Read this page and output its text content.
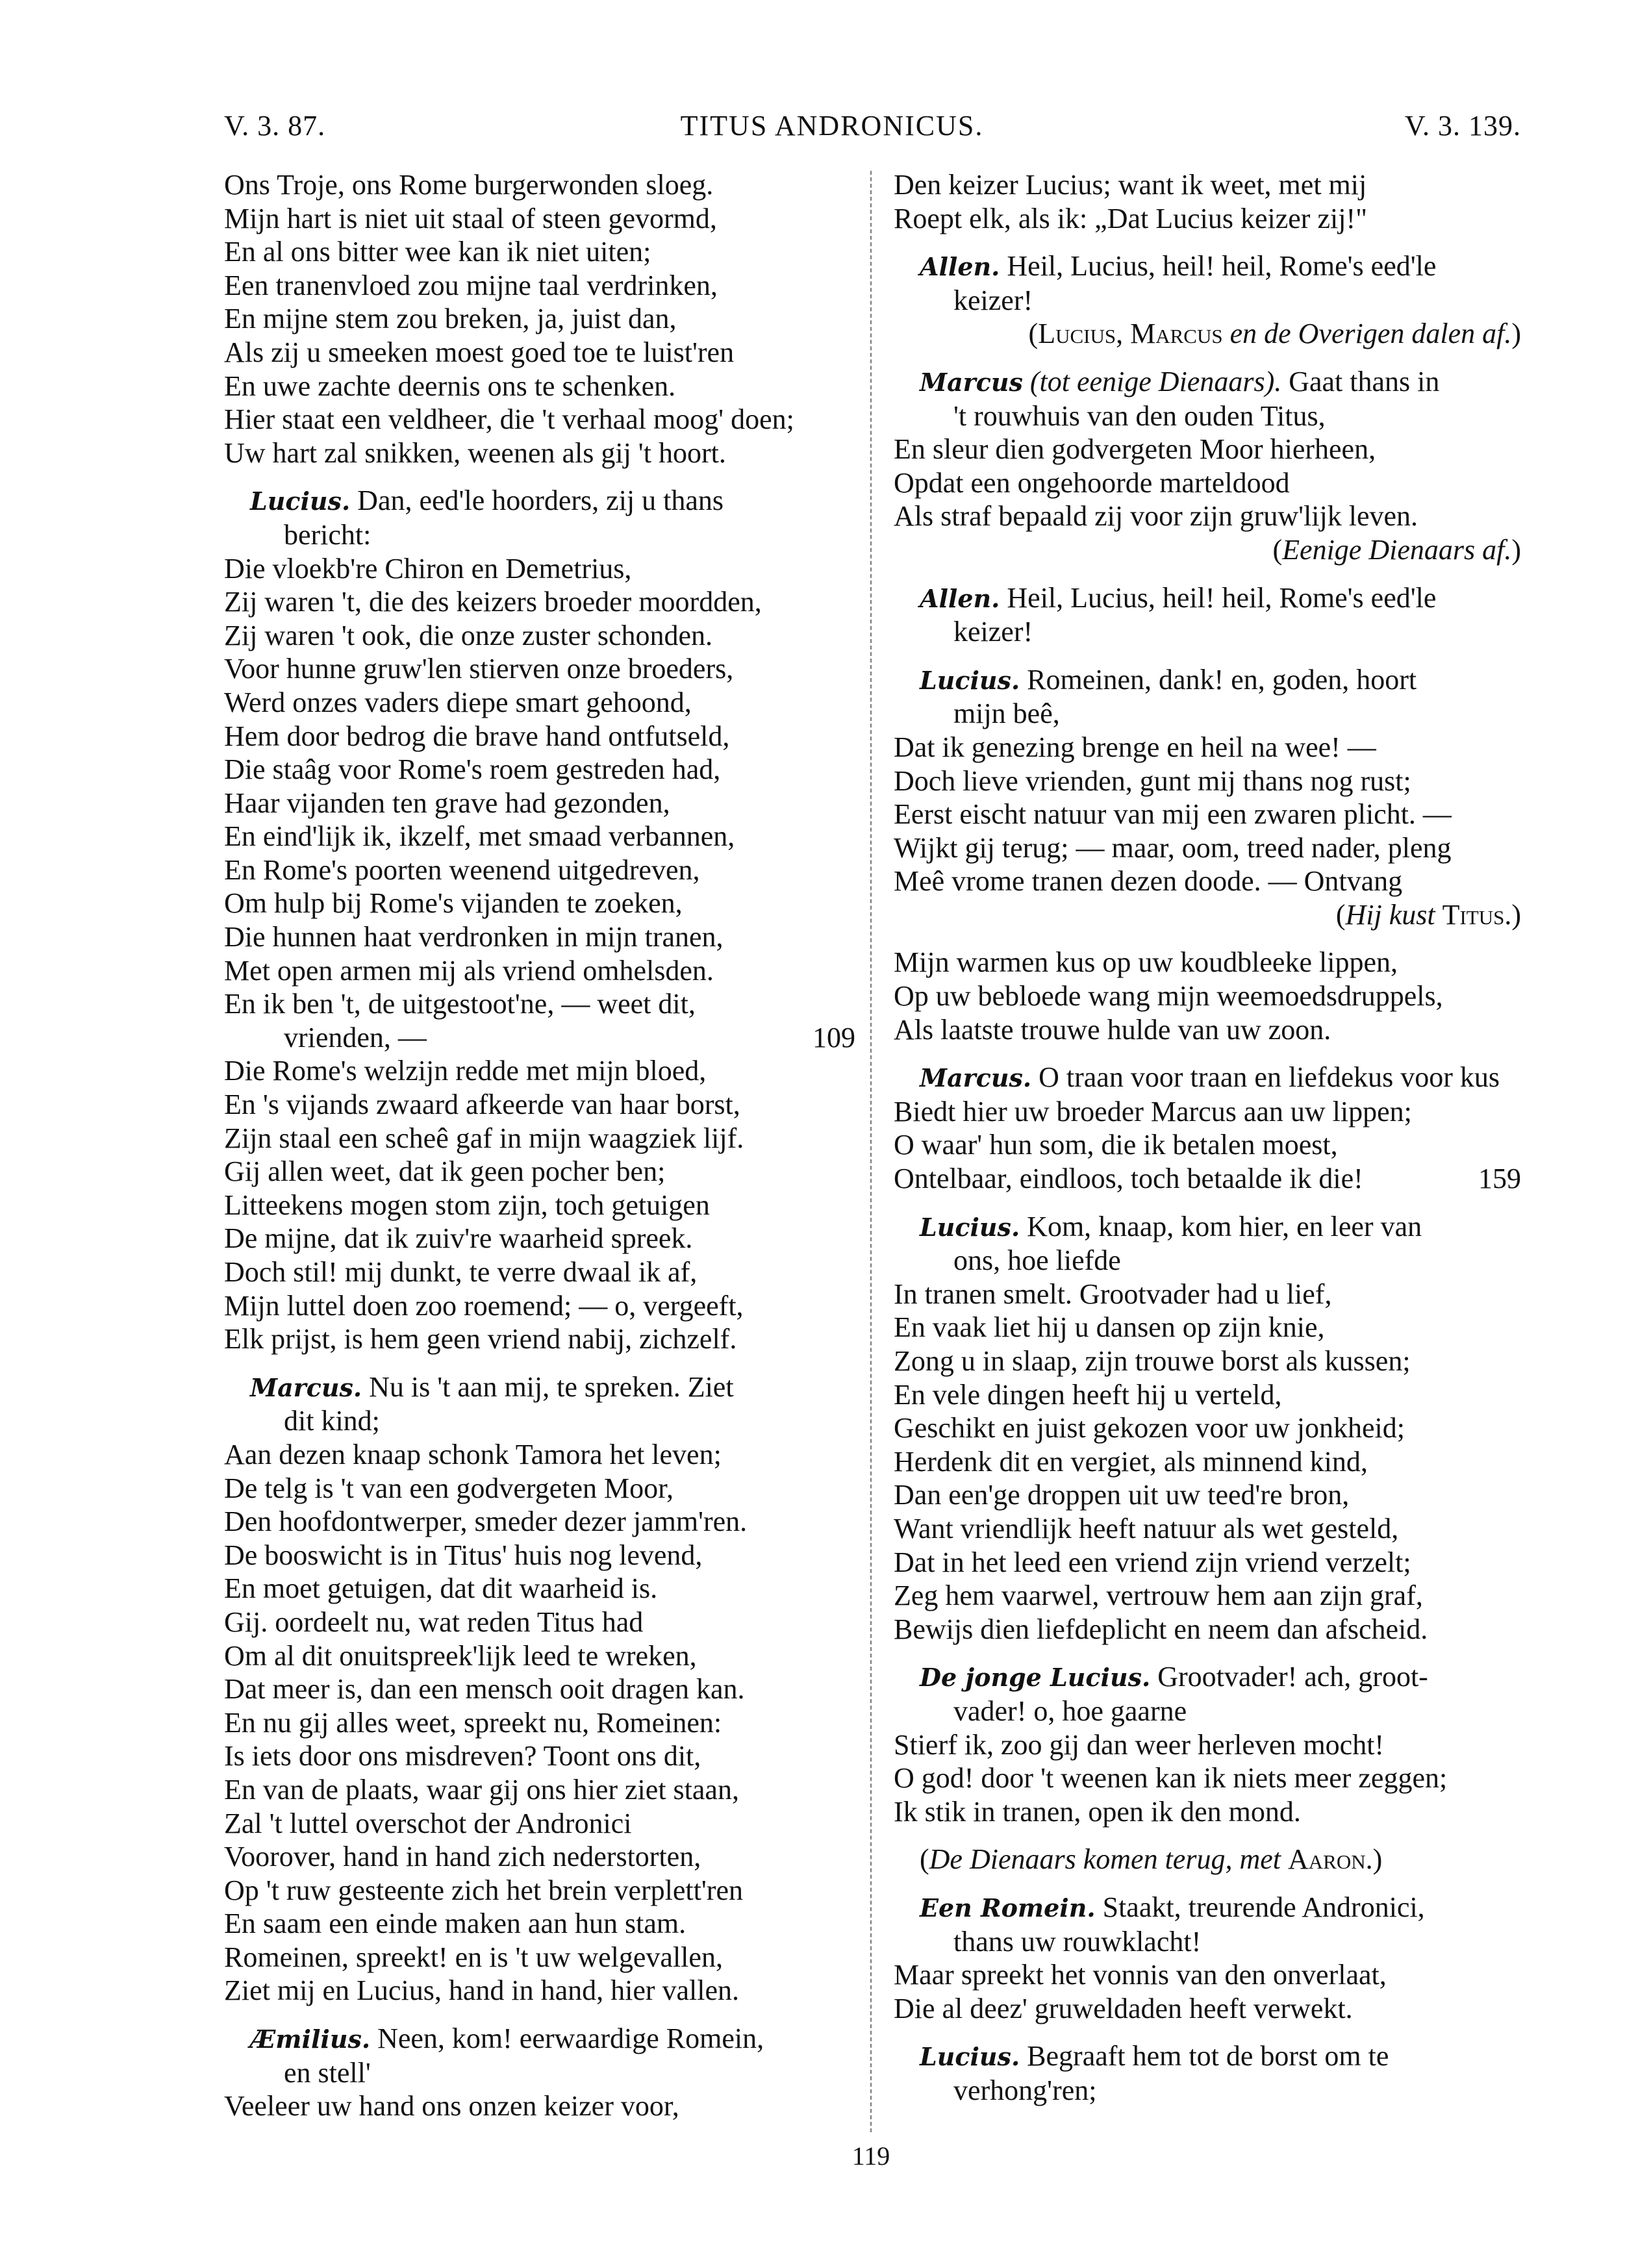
V. 3. 87.	TITUS ANDRONICUS.	V. 3. 139.
Ons Troje, ons Rome burgerwonden sloeg.
Mijn hart is niet uit staal of steen gevormd,
En al ons bitter wee kan ik niet uiten;
Een tranenvloed zou mijne taal verdrinken,
En mijne stem zou breken, ja, juist dan,
Als zij u smeeken moest goed toe te luist'ren
En uwe zachte deernis ons te schenken.
Hier staat een veldheer, die 't verhaal moog' doen;
Uw hart zal snikken, weenen als gij 't hoort.
Lucius. Dan, eed'le hoorders, zij u thans
bericht:
Die vloekb're Chiron en Demetrius,
Zij waren 't, die des keizers broeder moordden,
Zij waren 't ook, die onze zuster schonden.
Voor hunne gruw'len stierven onze broeders,
Werd onzes vaders diepe smart gehoond,
Hem door bedrog die brave hand ontfutseld,
Die staâg voor Rome's roem gestreden had,
Haar vijanden ten grave had gezonden,
En eind'lijk ik, ikzelf, met smaad verbannen,
En Rome's poorten weenend uitgedreven,
Om hulp bij Rome's vijanden te zoeken,
Die hunnen haat verdronken in mijn tranen,
Met open armen mij als vriend omhelsden.
En ik ben 't, de uitgestoot'ne, — weet dit,
vrienden, —	109
Die Rome's welzijn redde met mijn bloed,
En 's vijands zwaard afkeerde van haar borst,
Zijn staal een scheê gaf in mijn waagziek lijf.
Gij allen weet, dat ik geen pocher ben;
Litteekens mogen stom zijn, toch getuigen
De mijne, dat ik zuiv're waarheid spreek.
Doch stil! mij dunkt, te verre dwaal ik af,
Mijn luttel doen zoo roemend; — o, vergeeft,
Elk prijst, is hem geen vriend nabij, zichzelf.
Marcus. Nu is 't aan mij, te spreken. Ziet
dit kind;
Aan dezen knaap schonk Tamora het leven;
De telg is 't van een godvergeten Moor,
Den hoofdontwerper, smeder dezer jamm'ren.
De booswicht is in Titus' huis nog levend,
En moet getuigen, dat dit waarheid is.
Gij. oordeelt nu, wat reden Titus had
Om al dit onuitspreek'lijk leed te wreken,
Dat meer is, dan een mensch ooit dragen kan.
En nu gij alles weet, spreekt nu, Romeinen:
Is iets door ons misdreven? Toont ons dit,
En van de plaats, waar gij ons hier ziet staan,
Zal 't luttel overschot der Andronici
Voorover, hand in hand zich nederstorten,
Op 't ruw gesteente zich het brein verplett'ren
En saam een einde maken aan hun stam.
Romeinen, spreekt! en is 't uw welgevallen,
Ziet mij en Lucius, hand in hand, hier vallen.
Æmilius. Neen, kom! eerwaardige Romein,
en stell'
Veeleer uw hand ons onzen keizer voor,
Den keizer Lucius; want ik weet, met mij
Roept elk, als ik: „Dat Lucius keizer zij!"
Allen. Heil, Lucius, heil! heil, Rome's eed'le
keizer!
(Lucius, Marcus en de Overigen dalen af.)
Marcus (tot eenige Dienaars). Gaat thans in
't rouwhuis van den ouden Titus,
En sleur dien godvergeten Moor hierheen,
Opdat een ongehoorde marteldood
Als straf bepaald zij voor zijn gruw'lijk leven.
(Eenige Dienaars af.)
Allen. Heil, Lucius, heil! heil, Rome's eed'le
keizer!
Lucius. Romeinen, dank! en, goden, hoort
mijn beê,
Dat ik genezing brenge en heil na wee! —
Doch lieve vrienden, gunt mij thans nog rust;
Eerst eischt natuur van mij een zwaren plicht. —
Wijkt gij terug; — maar, oom, treed nader, pleng
Meê vrome tranen dezen doode. — Ontvang
(Hij kust Titus.)
Mijn warmen kus op uw koudbleeke lippen,
Op uw bebloede wang mijn weemoedsdruppels,
Als laatste trouwe hulde van uw zoon.
Marcus. O traan voor traan en liefdekus voor kus
Biedt hier uw broeder Marcus aan uw lippen;
O waar' hun som, die ik betalen moest,
Ontelbaar, eindloos, toch betaalde ik die!	159
Lucius. Kom, knaap, kom hier, en leer van
ons, hoe liefde
In tranen smelt. Grootvader had u lief,
En vaak liet hij u dansen op zijn knie,
Zong u in slaap, zijn trouwe borst als kussen;
En vele dingen heeft hij u verteld,
Geschikt en juist gekozen voor uw jonkheid;
Herdenk dit en vergiet, als minnend kind,
Dan een'ge droppen uit uw teed're bron,
Want vriendlijk heeft natuur als wet gesteld,
Dat in het leed een vriend zijn vriend verzelt;
Zeg hem vaarwel, vertrouw hem aan zijn graf,
Bewijs dien liefdeplicht en neem dan afscheid.
De jonge Lucius. Grootvader! ach, groot-
vader! o, hoe gaarne
Stierf ik, zoo gij dan weer herleven mocht!
O god! door 't weenen kan ik niets meer zeggen;
Ik stik in tranen, open ik den mond.
(De Dienaars komen terug, met Aaron.)
Een Romein. Staakt, treurende Andronici,
thans uw rouwklacht!
Maar spreekt het vonnis van den onverlaat,
Die al deez' gruweldaden heeft verwekt.
Lucius. Begraaft hem tot de borst om te
verhong'ren;
119
